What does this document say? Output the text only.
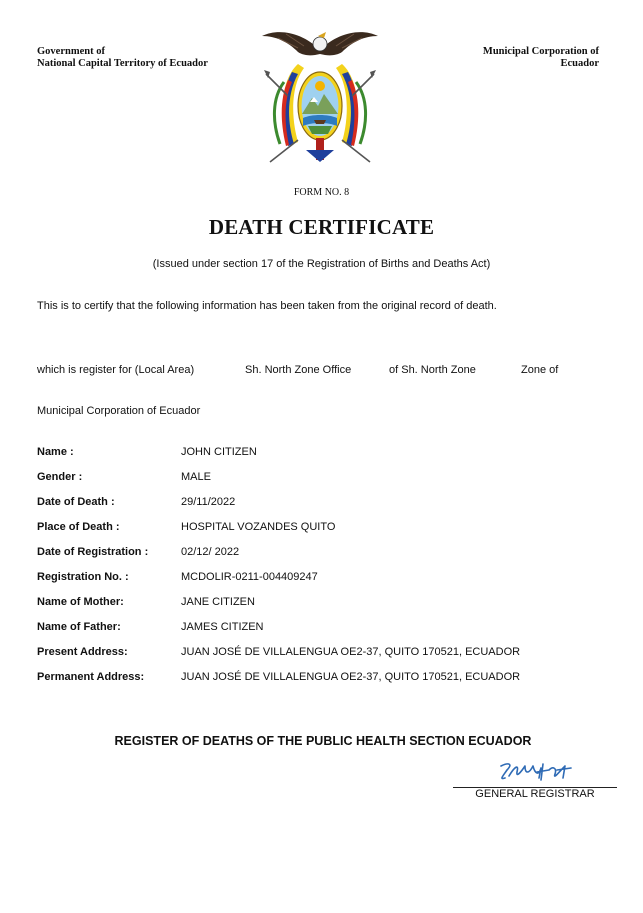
Government of
National Capital Territory of Ecuador
Municipal Corporation of
Ecuador
FORM NO. 8
DEATH CERTIFICATE
(Issued under section 17 of the Registration of Births and Deaths Act)
This is to certify that the following information has been taken from the original record of death.
which is register for (Local Area)	Sh. North Zone Office	of Sh. North Zone	Zone of
Municipal Corporation of Ecuador
Name :	JOHN CITIZEN
Gender :	MALE
Date of Death :	29/11/2022
Place of Death :	HOSPITAL VOZANDES QUITO
Date of Registration :	02/12/ 2022
Registration No. :	MCDOLIR-0211-004409247
Name of Mother:	JANE CITIZEN
Name of Father:	JAMES CITIZEN
Present Address:	JUAN JOSÉ DE VILLALENGUA OE2-37, QUITO 170521, ECUADOR
Permanent Address:	JUAN JOSÉ DE VILLALENGUA OE2-37, QUITO 170521, ECUADOR
REGISTER OF DEATHS OF THE PUBLIC HEALTH SECTION ECUADOR
GENERAL REGISTRAR
